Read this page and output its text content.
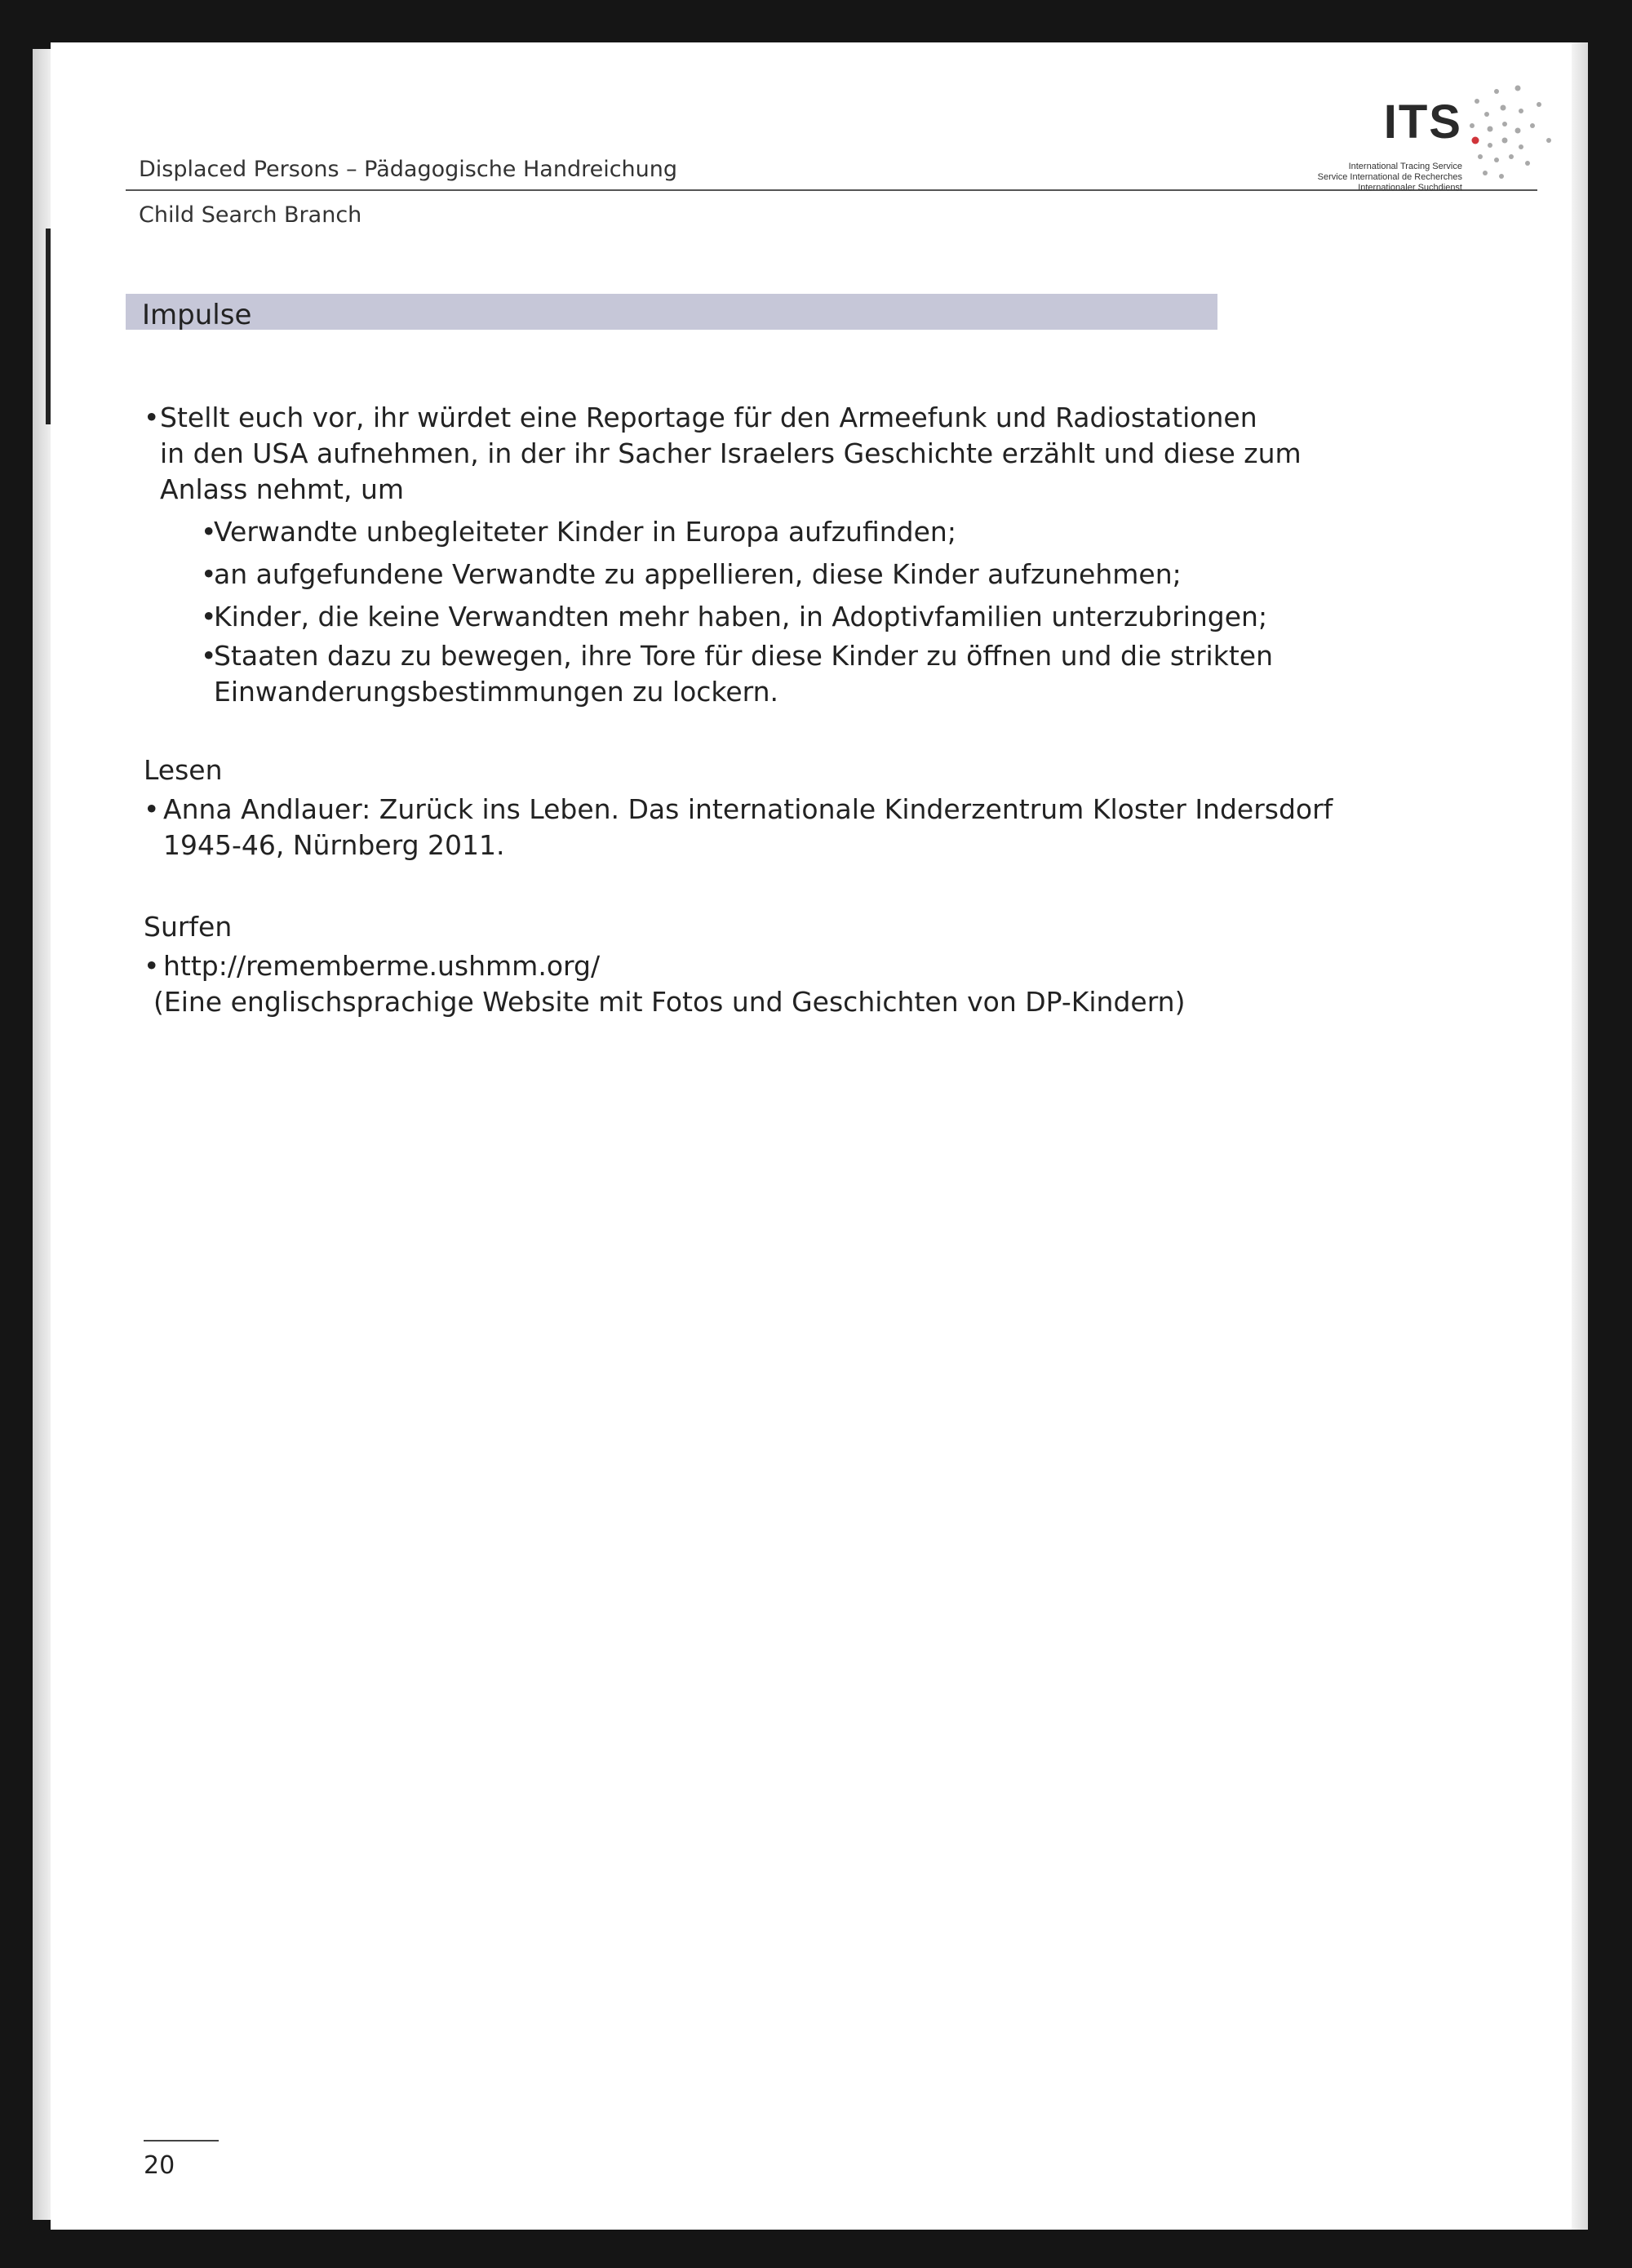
Displaced Persons – Pädagogische Handreichung
Child Search Branch
ITS
International Tracing Service
Service International de Recherches
Internationaler Suchdienst
Impulse
• Stellt euch vor, ihr würdet eine Reportage für den Armeefunk und Radiostationen
in den USA aufnehmen, in der ihr Sacher Israelers Geschichte erzählt und diese zum
Anlass nehmt, um
•
Verwandte unbegleiteter Kinder in Europa aufzufinden;
•
an aufgefundene Verwandte zu appellieren, diese Kinder aufzunehmen;
•
Kinder, die keine Verwandten mehr haben, in Adoptivfamilien unterzubringen;
•
Staaten dazu zu bewegen, ihre Tore für diese Kinder zu öffnen und die strikten
Einwanderungsbestimmungen zu lockern.
Lesen
• Anna Andlauer: Zurück ins Leben. Das internationale Kinderzentrum Kloster Indersdorf
1945-46, Nürnberg 2011.
Surfen
• http://rememberme.ushmm.org/
(Eine englischsprachige Website mit Fotos und Geschichten von DP-Kindern)
20
